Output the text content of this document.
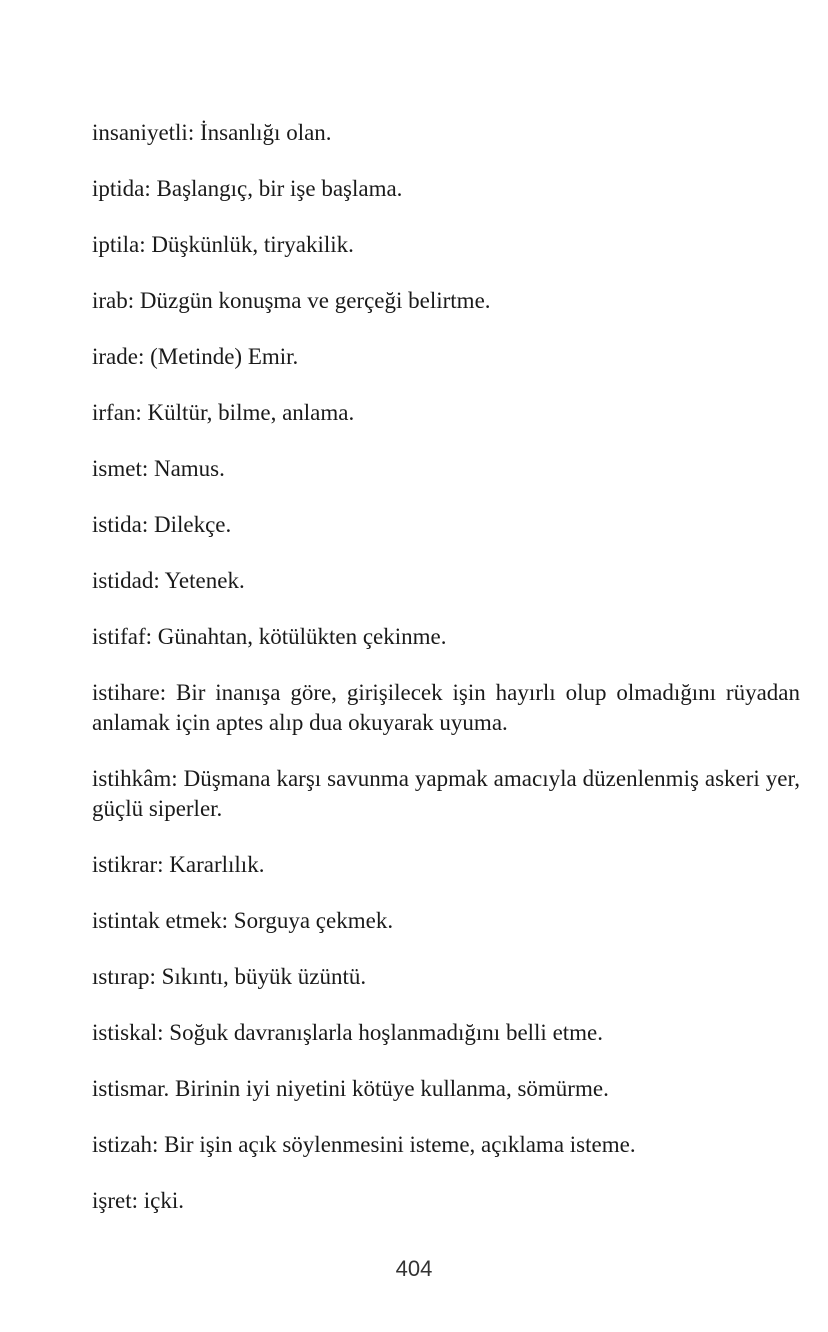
insaniyetli: İnsanlığı olan.

iptida: Başlangıç, bir işe başlama.

iptila: Düşkünlük, tiryakilik.

irab: Düzgün konuşma ve gerçeği belirtme.

irade: (Metinde) Emir.

irfan: Kültür, bilme, anlama.

ismet: Namus.

istida: Dilekçe.

istidad: Yetenek.

istifaf: Günahtan, kötülükten çekinme.

istihare: Bir inanışa göre, girişilecek işin hayırlı olup olmadığını rüyadan anlamak için aptes alıp dua okuyarak uyuma.

istihkâm: Düşmana karşı savunma yapmak amacıyla düzenlenmiş askeri yer, güçlü siperler.

istikrar: Kararlılık.

istintak etmek: Sorguya çekmek.

ıstırap: Sıkıntı, büyük üzüntü.

istiskal: Soğuk davranışlarla hoşlanmadığını belli etme.

istismar. Birinin iyi niyetini kötüye kullanma, sömürme.

istizah: Bir işin açık söylenmesini isteme, açıklama isteme.

işret: içki.

404
